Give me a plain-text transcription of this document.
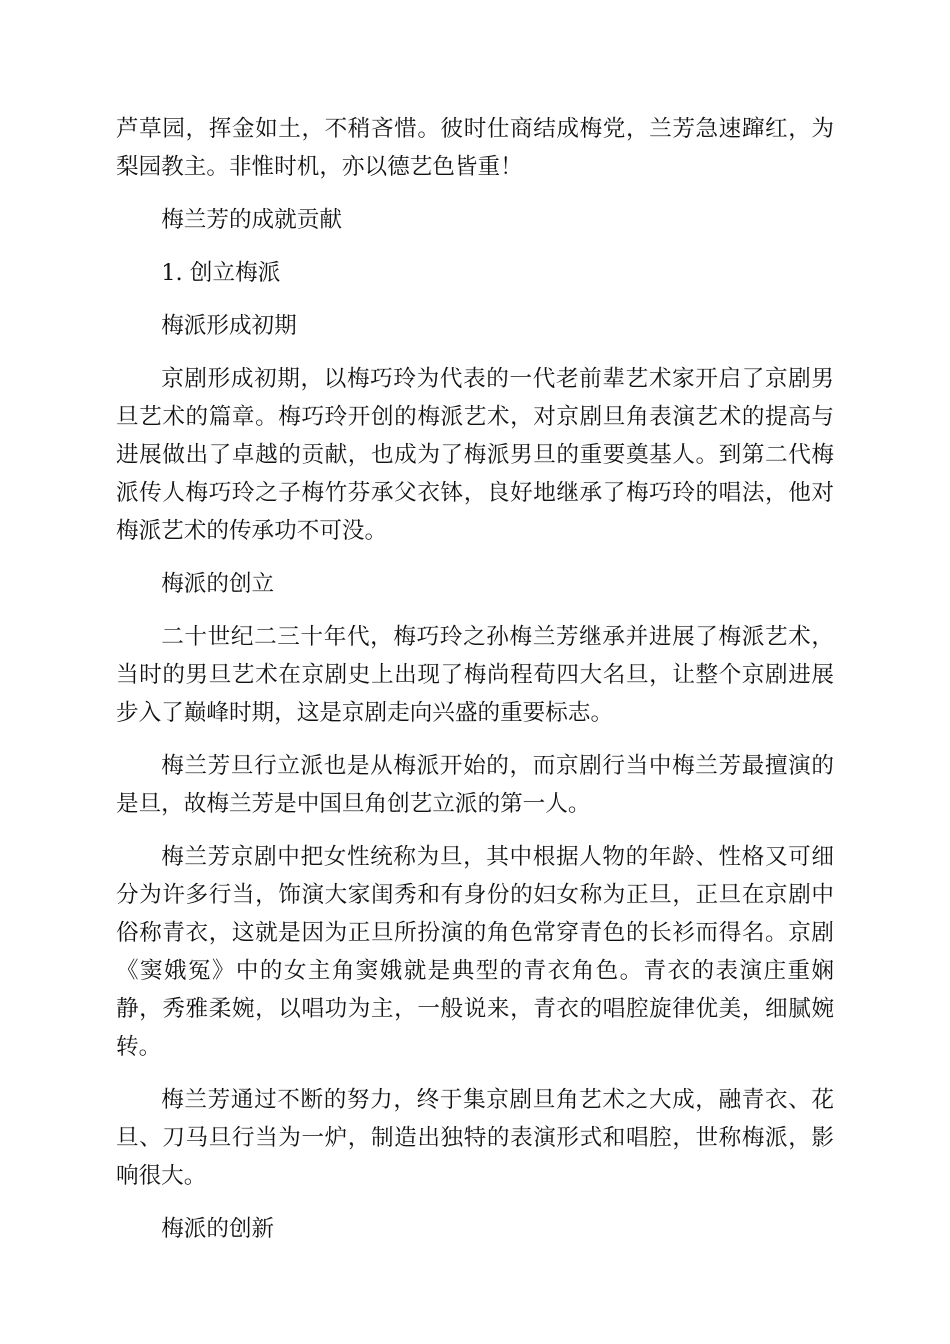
芦草园，挥金如土，不稍吝惜。彼时仕商结成梅党，兰芳急速蹿红，为梨园教主。非惟时机，亦以德艺色皆重！

梅兰芳的成就贡献

1. 创立梅派

梅派形成初期

京剧形成初期，以梅巧玲为代表的一代老前辈艺术家开启了京剧男旦艺术的篇章。梅巧玲开创的梅派艺术，对京剧旦角表演艺术的提高与进展做出了卓越的贡献，也成为了梅派男旦的重要奠基人。到第二代梅派传人梅巧玲之子梅竹芬承父衣钵，良好地继承了梅巧玲的唱法，他对梅派艺术的传承功不可没。

梅派的创立

二十世纪二三十年代，梅巧玲之孙梅兰芳继承并进展了梅派艺术，当时的男旦艺术在京剧史上出现了梅尚程荀四大名旦，让整个京剧进展步入了巅峰时期，这是京剧走向兴盛的重要标志。

梅兰芳旦行立派也是从梅派开始的，而京剧行当中梅兰芳最擅演的是旦，故梅兰芳是中国旦角创艺立派的第一人。

梅兰芳京剧中把女性统称为旦，其中根据人物的年龄、性格又可细分为许多行当，饰演大家闺秀和有身份的妇女称为正旦，正旦在京剧中俗称青衣，这就是因为正旦所扮演的角色常穿青色的长衫而得名。京剧《窦娥冤》中的女主角窦娥就是典型的青衣角色。青衣的表演庄重娴静，秀雅柔婉，以唱功为主，一般说来，青衣的唱腔旋律优美，细腻婉转。

梅兰芳通过不断的努力，终于集京剧旦角艺术之大成，融青衣、花旦、刀马旦行当为一炉，制造出独特的表演形式和唱腔，世称梅派，影响很大。

梅派的创新
